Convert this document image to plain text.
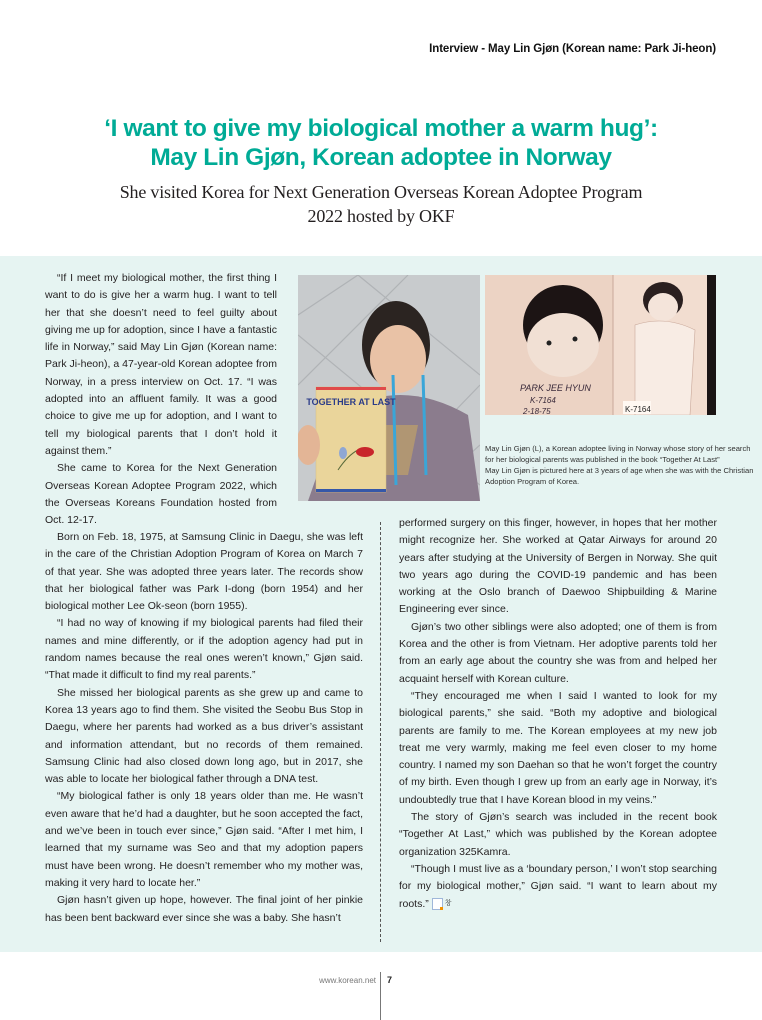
Interview - May Lin Gjøn (Korean name: Park Ji-heon)
‘I want to give my biological mother a warm hug’:
May Lin Gjøn, Korean adoptee in Norway
She visited Korea for Next Generation Overseas Korean Adoptee Program
2022 hosted by OKF
TOGETHER AT LAST
PARK JEE HYUN
K-7164
2-18-75	K-7164
May Lin Gjøn (L), a Korean adoptee living in Norway whose story of her search for her biological parents was published in the book “Together At Last”
May Lin Gjøn is pictured here at 3 years of age when she was with the Christian Adoption Program of Korea.

“If I meet my biological mother, the first thing I want to do is give her a warm hug. I want to tell her that she doesn’t need to feel guilty about giving me up for adoption, since I have a fantastic life in Norway,” said May Lin Gjøn (Korean name: Park Ji-heon), a 47-year-old Korean adoptee from Norway, in a press interview on Oct. 17. “I was adopted into an affluent family. It was a good choice to give me up for adoption, and I want to tell my biological parents that I don’t hold it against them.”

She came to Korea for the Next Generation Overseas Korean Adoptee Program 2022, which the Overseas Koreans Foundation hosted from Oct. 12-17.

Born on Feb. 18, 1975, at Samsung Clinic in Daegu, she was left in the care of the Christian Adoption Program of Korea on March 7 of that year. She was adopted three years later. The records show that her biological father was Park I-dong (born 1954) and her biological mother Lee Ok-seon (born 1955).

“I had no way of knowing if my biological parents had filed their names and mine differently, or if the adoption agency had put in random names because the real ones weren’t known,” Gjøn said. “That made it difficult to find my real parents.”

She missed her biological parents as she grew up and came to Korea 13 years ago to find them. She visited the Seobu Bus Stop in Daegu, where her parents had worked as a bus driver’s assistant and information attendant, but no records of them remained. Samsung Clinic had also closed down long ago, but in 2017, she was able to locate her biological father through a DNA test.

“My biological father is only 18 years older than me. He wasn’t even aware that he’d had a daughter, but he soon accepted the fact, and we’ve been in touch ever since,” Gjøn said. “After I met him, I learned that my surname was Seo and that my adoption papers must have been wrong. He doesn’t remember who my mother was, making it very hard to locate her.”

Gjøn hasn’t given up hope, however. The final joint of her pinkie has been bent backward ever since she was a baby. She hasn’t

performed surgery on this finger, however, in hopes that her mother might recognize her. She worked at Qatar Airways for around 20 years after studying at the University of Bergen in Norway. She quit two years ago during the COVID-19 pandemic and has been working at the Oslo branch of Daewoo Shipbuilding & Marine Engineering ever since.

Gjøn’s two other siblings were also adopted; one of them is from Korea and the other is from Vietnam. Her adoptive parents told her from an early age about the country she was from and helped her acquaint herself with Korean culture.

“They encouraged me when I said I wanted to look for my biological parents,” she said. “Both my adoptive and biological parents are family to me. The Korean employees at my new job treat me very warmly, making me feel even closer to my home country. I named my son Daehan so that he won’t forget the country of my birth. Even though I grew up from an early age in Norway, it’s undoubtedly true that I have Korean blood in my veins.”

The story of Gjøn’s search was included in the recent book “Together At Last,” which was published by the Korean adoptee organization 325Kamra.

“Though I must live as a ‘boundary person,’ I won’t stop searching for my biological mother,” Gjøn said. “I want to learn about my roots.” 창

www.korean.net 7
